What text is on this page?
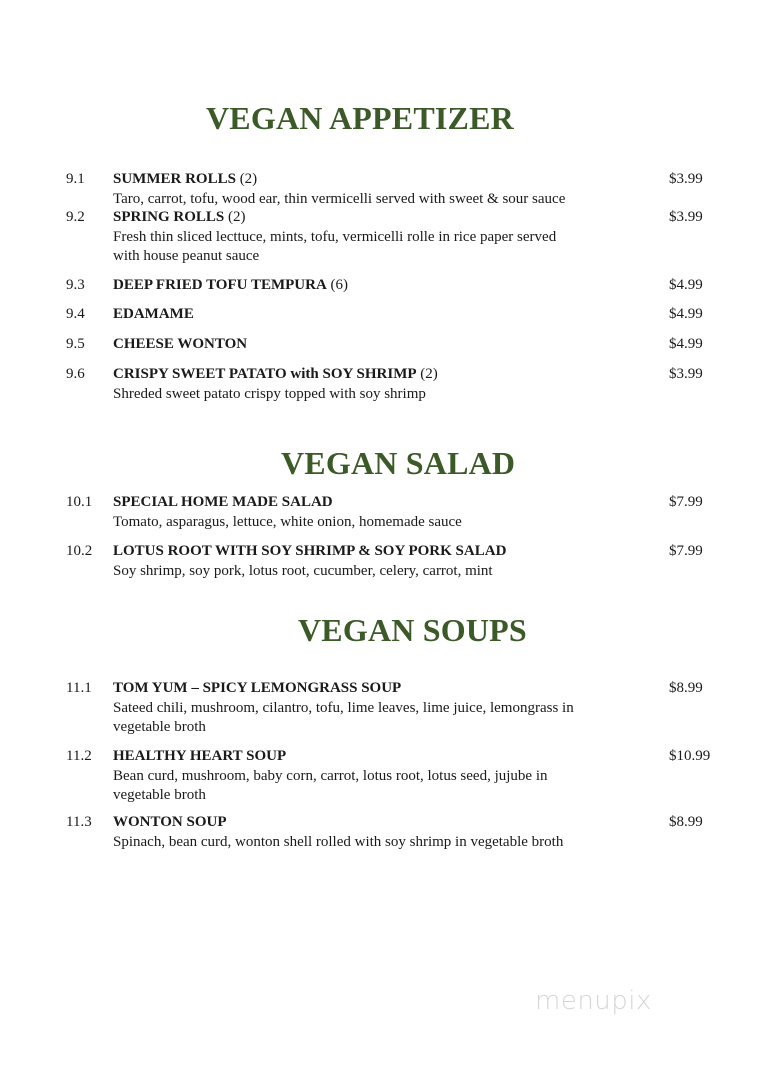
VEGAN APPETIZER
9.1 SUMMER ROLLS (2)	$3.99
Taro, carrot, tofu, wood ear, thin vermicelli served with sweet & sour sauce
9.2 SPRING ROLLS (2)	$3.99
Fresh thin sliced lecttuce, mints, tofu, vermicelli rolle in rice paper served with house peanut sauce
9.3 DEEP FRIED TOFU TEMPURA (6)	$4.99
9.4 EDAMAME	$4.99
9.5 CHEESE WONTON	$4.99
9.6 CRISPY SWEET PATATO with SOY SHRIMP (2)	$3.99
Shreded sweet patato crispy topped with soy shrimp
VEGAN SALAD
10.1 SPECIAL HOME MADE SALAD	$7.99
Tomato, asparagus, lettuce, white onion, homemade sauce
10.2 LOTUS ROOT WITH SOY SHRIMP & SOY PORK SALAD	$7.99
Soy shrimp, soy pork, lotus root, cucumber, celery, carrot, mint
VEGAN SOUPS
11.1 TOM YUM – SPICY LEMONGRASS SOUP	$8.99
Sateed chili, mushroom, cilantro, tofu, lime leaves, lime juice, lemongrass in vegetable broth
11.2 HEALTHY HEART SOUP	$10.99
Bean curd, mushroom, baby corn, carrot, lotus root, lotus seed, jujube in vegetable broth
11.3 WONTON SOUP	$8.99
Spinach, bean curd, wonton shell rolled with soy shrimp in vegetable broth
menupix
